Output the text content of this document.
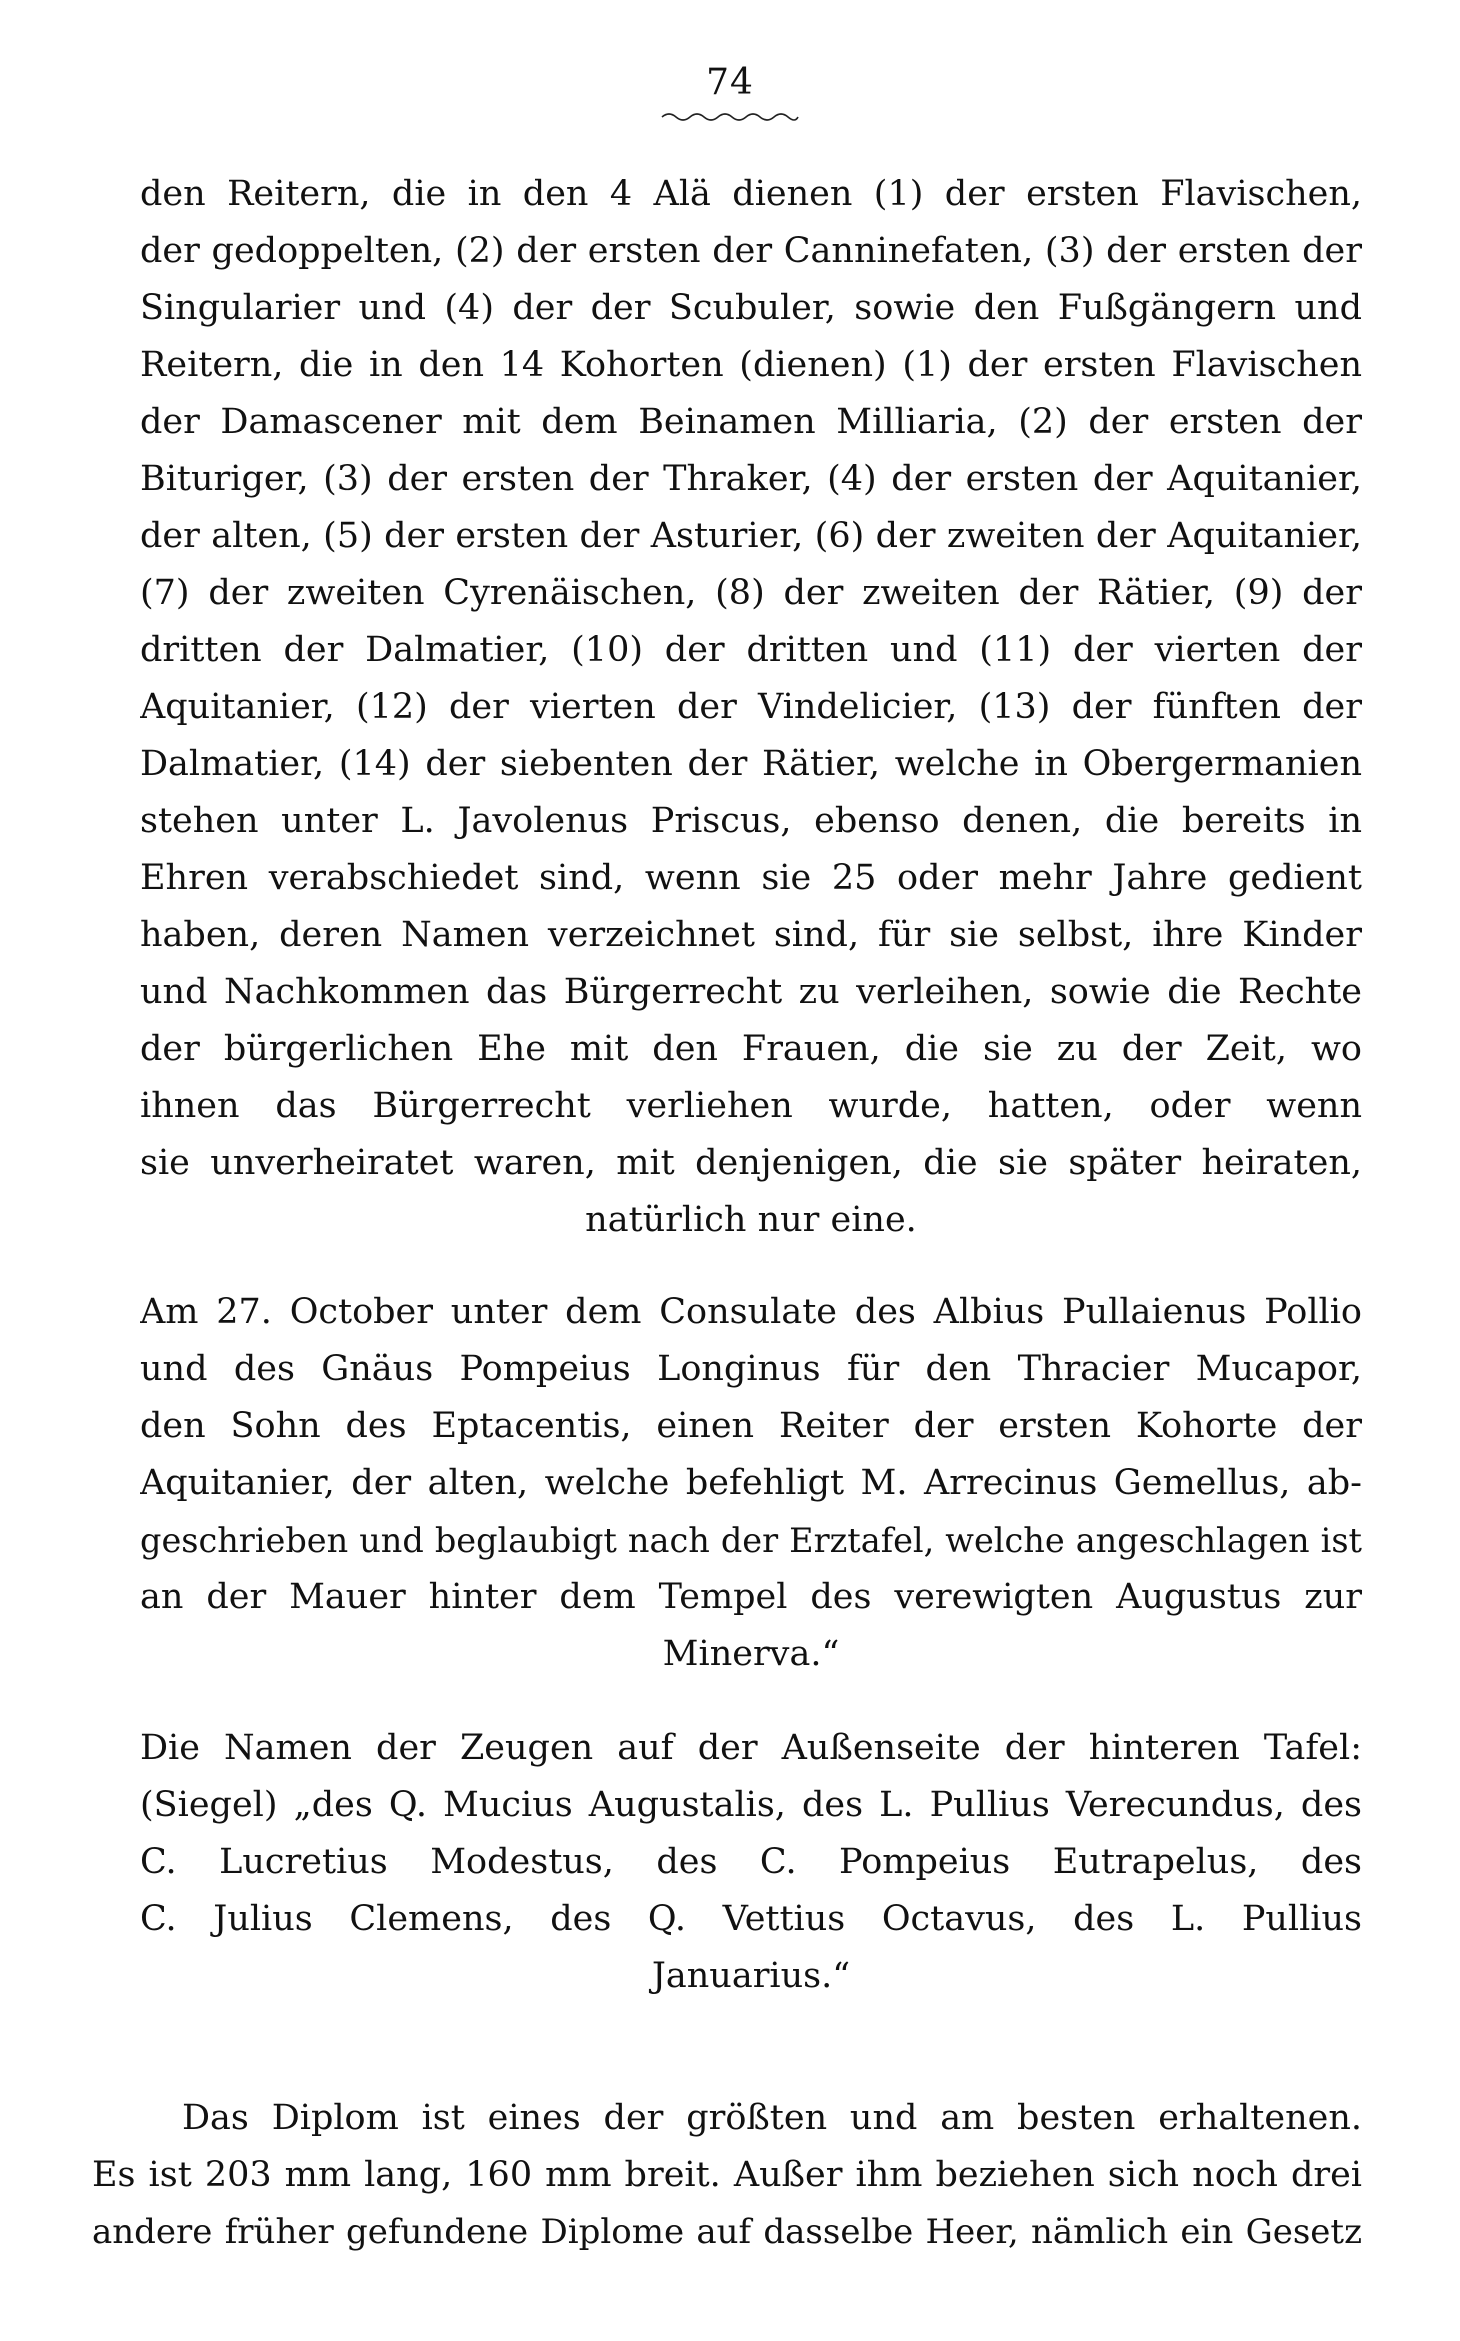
74
den Reitern, die in den 4 Alä dienen (1) der ersten Flavischen,
der gedoppelten, (2) der ersten der Canninefaten, (3) der ersten der
Singularier und (4) der der Scubuler, sowie den Fußgängern und
Reitern, die in den 14 Kohorten (dienen) (1) der ersten Flavischen
der Damascener mit dem Beinamen Milliaria, (2) der ersten der
Bituriger, (3) der ersten der Thraker, (4) der ersten der Aquitanier,
der alten, (5) der ersten der Asturier, (6) der zweiten der Aquitanier,
(7) der zweiten Cyrenäischen, (8) der zweiten der Rätier, (9) der
dritten der Dalmatier, (10) der dritten und (11) der vierten der
Aquitanier, (12) der vierten der Vindelicier, (13) der fünften der
Dalmatier, (14) der siebenten der Rätier, welche in Obergermanien
stehen unter L. Javolenus Priscus, ebenso denen, die bereits in
Ehren verabschiedet sind, wenn sie 25 oder mehr Jahre gedient
haben, deren Namen verzeichnet sind, für sie selbst, ihre Kinder
und Nachkommen das Bürgerrecht zu verleihen, sowie die Rechte
der bürgerlichen Ehe mit den Frauen, die sie zu der Zeit, wo
ihnen das Bürgerrecht verliehen wurde, hatten, oder wenn
sie unverheiratet waren, mit denjenigen, die sie später heiraten,
natürlich nur eine.
Am 27. October unter dem Consulate des Albius Pullaienus Pollio
und des Gnäus Pompeius Longinus für den Thracier Mucapor,
den Sohn des Eptacentis, einen Reiter der ersten Kohorte der
Aquitanier, der alten, welche befehligt M. Arrecinus Gemellus, ab-
geschrieben und beglaubigt nach der Erztafel, welche angeschlagen ist
an der Mauer hinter dem Tempel des verewigten Augustus zur
Minerva.“
Die Namen der Zeugen auf der Außenseite der hinteren Tafel:
(Siegel) „des Q. Mucius Augustalis, des L. Pullius Verecundus, des
C. Lucretius Modestus, des C. Pompeius Eutrapelus, des
C. Julius Clemens, des Q. Vettius Octavus, des L. Pullius
Januarius.“
Das Diplom ist eines der größten und am besten erhaltenen.
Es ist 203 mm lang, 160 mm breit. Außer ihm beziehen sich noch drei
andere früher gefundene Diplome auf dasselbe Heer, nämlich ein Gesetz
